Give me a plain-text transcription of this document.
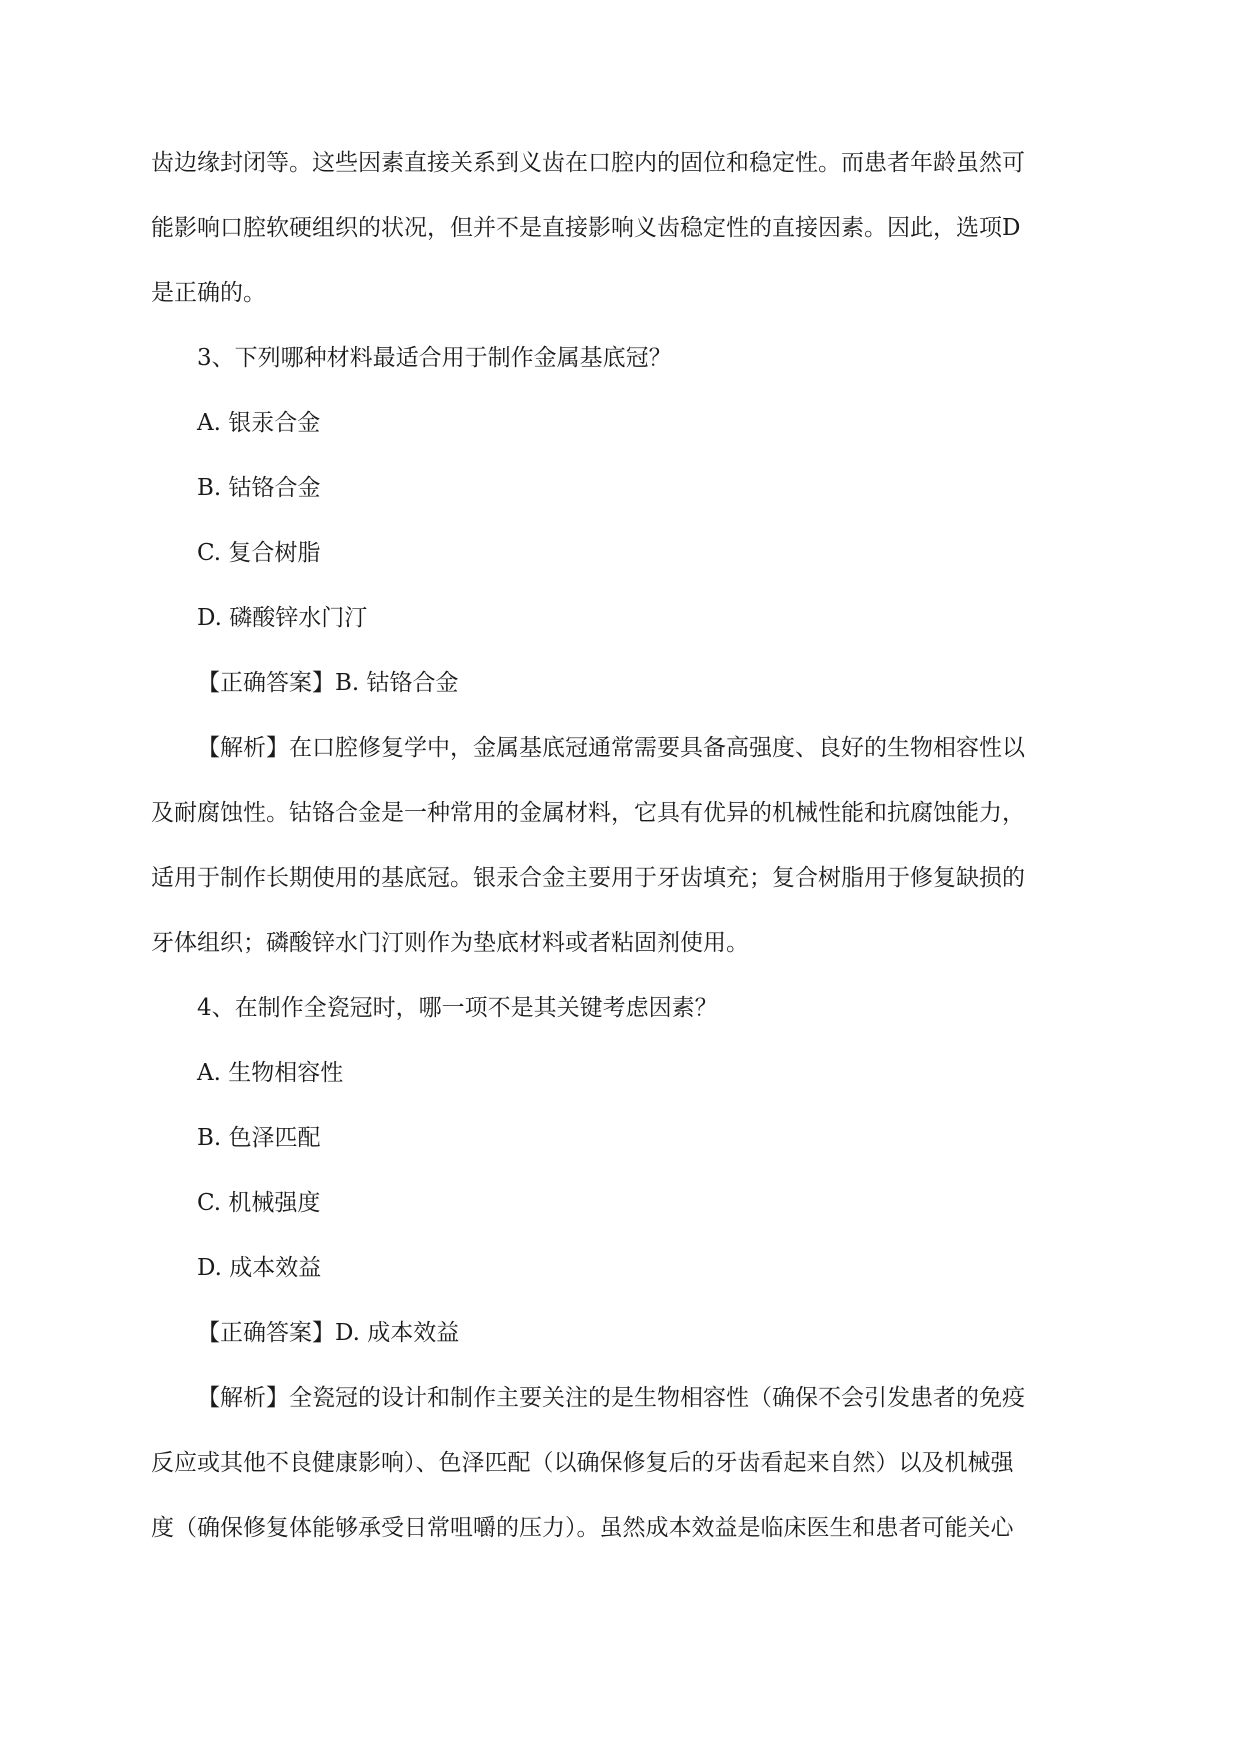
齿边缘封闭等。这些因素直接关系到义齿在口腔内的固位和稳定性。而患者年龄虽然可
能影响口腔软硬组织的状况，但并不是直接影响义齿稳定性的直接因素。因此，选项D
是正确的。
3、下列哪种材料最适合用于制作金属基底冠？
A. 银汞合金
B. 钴铬合金
C. 复合树脂
D. 磷酸锌水门汀
【正确答案】B. 钴铬合金
【解析】在口腔修复学中，金属基底冠通常需要具备高强度、良好的生物相容性以
及耐腐蚀性。钴铬合金是一种常用的金属材料，它具有优异的机械性能和抗腐蚀能力，
适用于制作长期使用的基底冠。银汞合金主要用于牙齿填充；复合树脂用于修复缺损的
牙体组织；磷酸锌水门汀则作为垫底材料或者粘固剂使用。
4、在制作全瓷冠时，哪一项不是其关键考虑因素？
A. 生物相容性
B. 色泽匹配
C. 机械强度
D. 成本效益
【正确答案】D. 成本效益
【解析】全瓷冠的设计和制作主要关注的是生物相容性（确保不会引发患者的免疫
反应或其他不良健康影响）、色泽匹配（以确保修复后的牙齿看起来自然）以及机械强
度（确保修复体能够承受日常咀嚼的压力）。虽然成本效益是临床医生和患者可能关心
